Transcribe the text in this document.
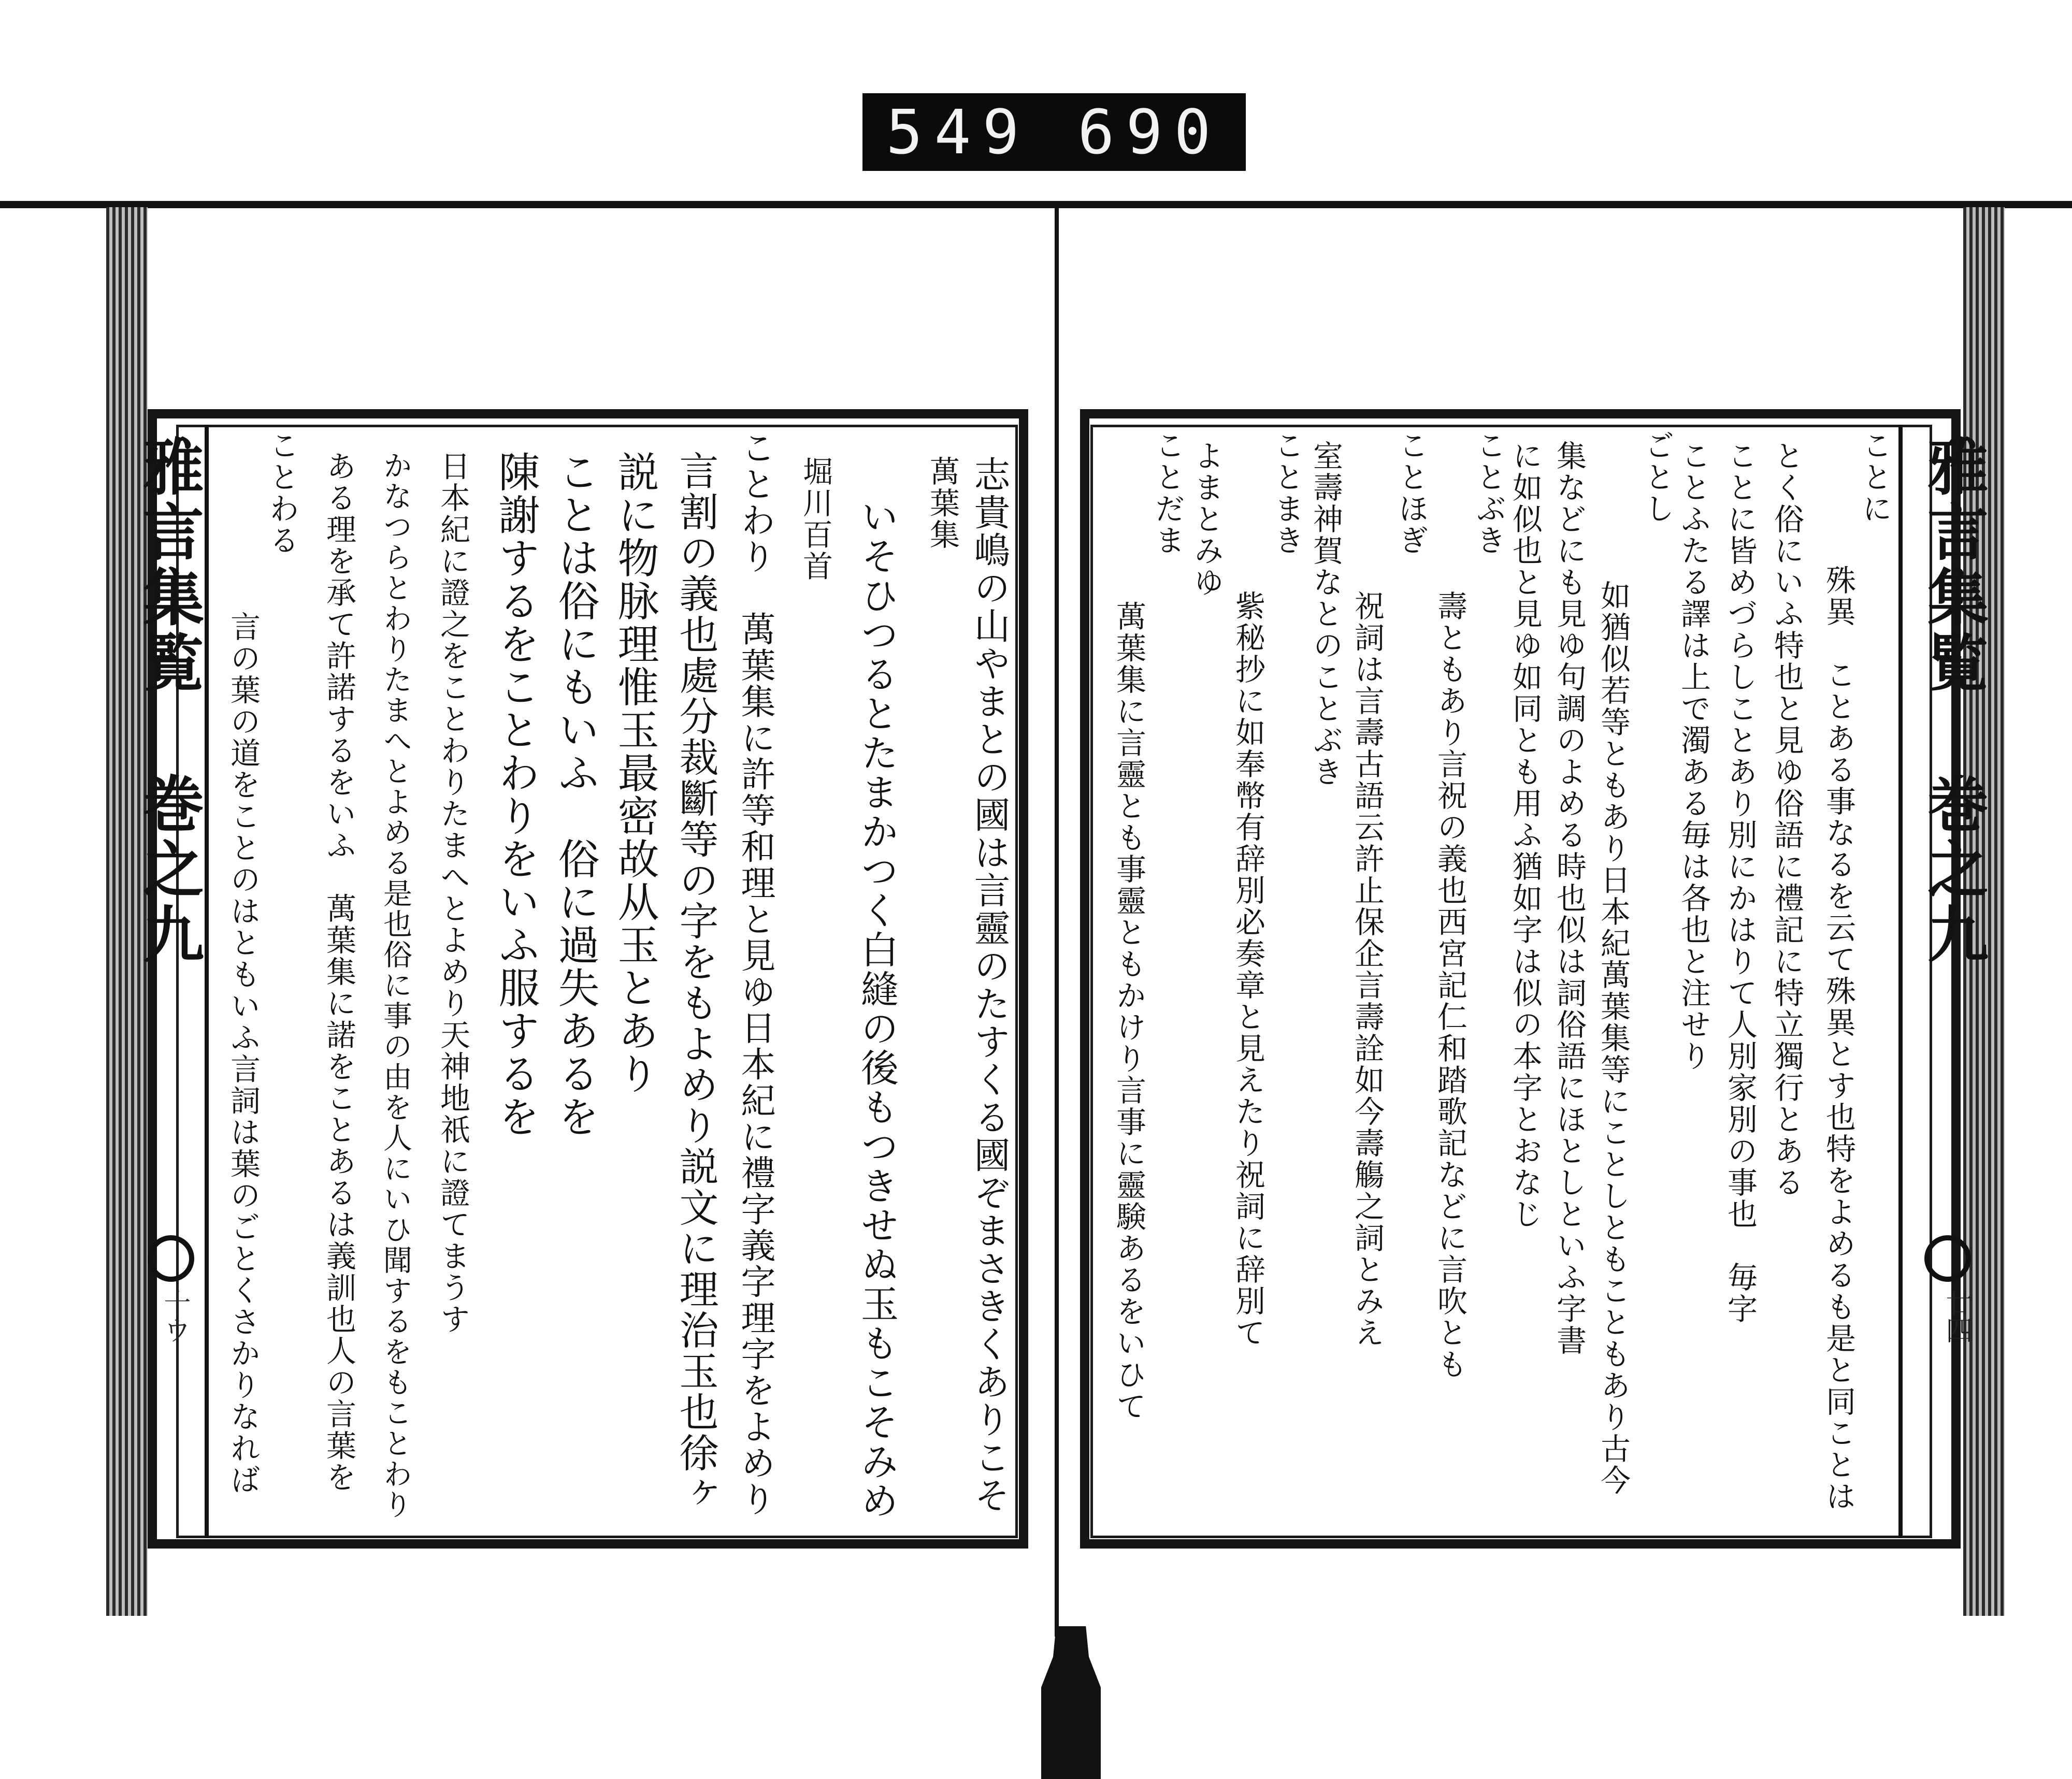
549 690
雅言集覧 巻之九
十ウ
雅言集覧 巻之九
廿四
志貴嶋の山やまとの國は言靈のたすくる國ぞまさきくありこそ
萬葉集
いそひつるとたまかつく白縫の後もつきせぬ玉もこそみめ
堀川百首
ことわり　萬葉集に許等和理と見ゆ日本紀に禮字義字理字をよめり
言割の義也處分裁斷等の字をもよめり説文に理治玉也徐ヶ
説に物脉理惟玉最密故从玉とあり
ことは俗にもいふ　俗に過失あるを
陳謝するをことわりをいふ服するを
日本紀に證之をことわりたまへとよめり天神地祇に證てまうす
かなつらとわりたまへとよめる是也俗に事の由を人にいひ聞するをもことわり
ある理を承て許諾するをいふ　萬葉集に諾をことあるは義訓也人の言葉を
ことわる
言の葉の道をことのはともいふ言詞は葉のごとくさかりなれば
ことに
殊異　ことある事なるを云て殊異とす也特をよめるも是と同ことは
とく俗にいふ特也と見ゆ俗語に禮記に特立獨行とある
ことに皆めづらしことあり別にかはりて人別家別の事也　毎字
ことふたる譯は上で濁ある毎は各也と注せり
ごとし
如猶似若等ともあり日本紀萬葉集等にことしともこともあり古今
集などにも見ゆ句調のよめる時也似は詞俗語にほとしといふ字書
に如似也と見ゆ如同とも用ふ猶如字は似の本字とおなじ
ことぶき
壽ともあり言祝の義也西宮記仁和踏歌記などに言吹とも
ことほぎ
祝詞は言壽古語云許止保企言壽詮如今壽觴之詞とみえ
室壽神賀なとのことぶき
ことまき
紫秘抄に如奉幣有辞別必奏章と見えたり祝詞に辞別て
よまとみゆ
ことだま
萬葉集に言靈とも事靈ともかけり言事に靈験あるをいひて
